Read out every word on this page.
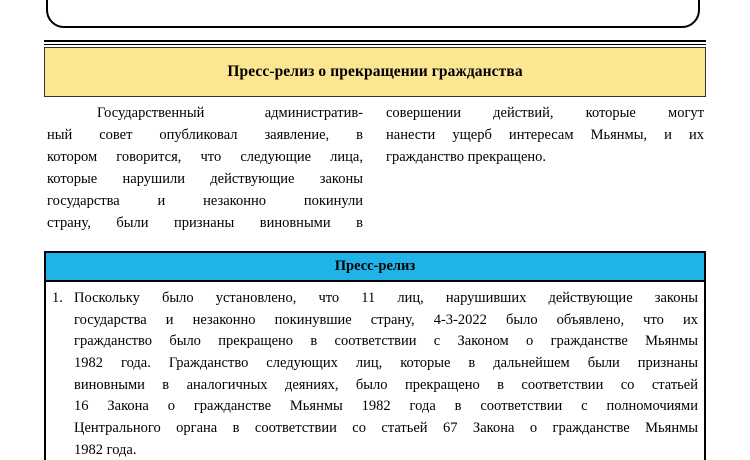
Пресс-релиз о прекращении гражданства
Государственный административ-
ный совет опубликовал заявление, в
котором говорится, что следующие лица,
которые нарушили действующие законы
государства и незаконно покинули
страну, были признаны виновными в
совершении действий, которые могут
нанести ущерб интересам Мьянмы, и их
гражданство прекращено.
Пресс-релиз
1. Поскольку было установлено, что 11 лиц, нарушивших действующие законы
государства и незаконно покинувшие страну, 4-3-2022 было объявлено, что их
гражданство было прекращено в соответствии с Законом о гражданстве Мьянмы
1982 года. Гражданство следующих лиц, которые в дальнейшем были признаны
виновными в аналогичных деяниях, было прекращено в соответствии со статьей
16 Закона о гражданстве Мьянмы 1982 года в соответствии с полномочиями
Центрального органа в соответствии со статьей 67 Закона о гражданстве Мьянмы
1982 года.
